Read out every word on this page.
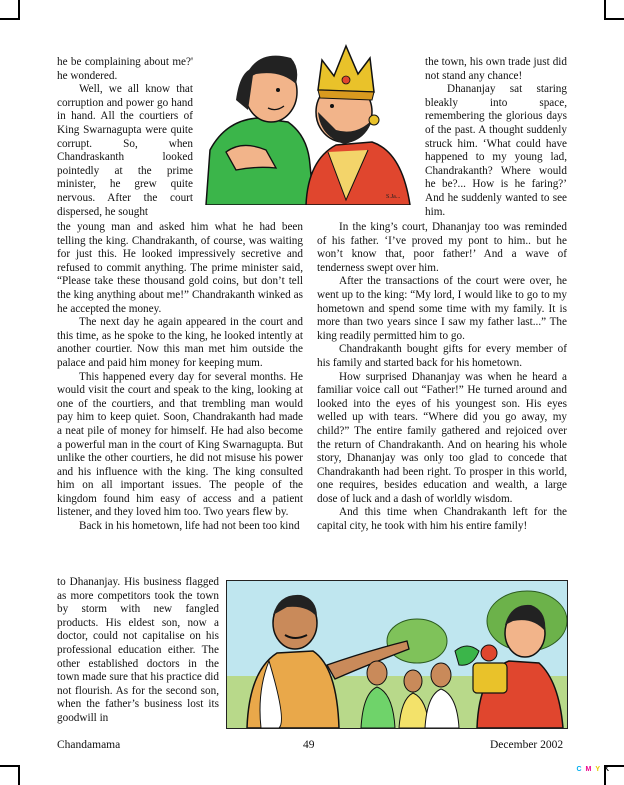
S.Ja...

he be complaining about me?' he wondered.

Well, we all know that corruption and power go hand in hand. All the courtiers of King Swarnagupta were quite corrupt. So, when Chandraskanth looked pointedly at the prime minister, he grew quite nervous. After the court dispersed, he sought

the town, his own trade just did not stand any chance!

Dhananjay sat staring bleakly into space, remembering the glorious days of the past. A thought suddenly struck him. ‘What could have happened to my young lad, Chandrakanth? Where would he be?... How is he faring?’ And he suddenly wanted to see him.

the young man and asked him what he had been telling the king. Chandrakanth, of course, was waiting for just this. He looked impressively secretive and refused to commit anything. The prime minister said, “Please take these thousand gold coins, but don’t tell the king anything about me!” Chandrakanth winked as he accepted the money.

The next day he again appeared in the court and this time, as he spoke to the king, he looked intently at another courtier. Now this man met him outside the palace and paid him money for keeping mum.

This happened every day for several months. He would visit the court and speak to the king, looking at one of the courtiers, and that trembling man would pay him to keep quiet. Soon, Chandrakanth had made a neat pile of money for himself. He had also become a powerful man in the court of King Swarnagupta. But unlike the other courtiers, he did not misuse his power and his influence with the king. The king consulted him on all important issues. The people of the kingdom found him easy of access and a patient listener, and they loved him too. Two years flew by.

Back in his hometown, life had not been too kind

to Dhananjay. His business flagged as more competitors took the town by storm with new fangled products. His eldest son, now a doctor, could not capitalise on his professional education either. The other established doctors in the town made sure that his practice did not flourish. As for the second son, when the father’s business lost its goodwill in

In the king’s court, Dhananjay too was reminded of his father. ‘I’ve proved my pont to him.. but he won’t know that, poor father!’ And a wave of tenderness swept over him.

After the transactions of the court were over, he went up to the king: “My lord, I would like to go to my hometown and spend some time with my family. It is more than two years since I saw my father last...” The king readily permitted him to go.

Chandrakanth bought gifts for every member of his family and started back for his hometown.

How surprised Dhananjay was when he heard a familiar voice call out “Father!” He turned around and looked into the eyes of his youngest son. His eyes welled up with tears. “Where did you go away, my child?” The entire family gathered and rejoiced over the return of Chandrakanth. And on hearing his whole story, Dhananjay was only too glad to concede that Chandrakanth had been right. To prosper in this world, one requires, besides education and wealth, a large dose of luck and a dash of worldly wisdom.

And this time when Chandrakanth left for the capital city, he took with him his entire family!

Chandamama	49	December 2002
C M Y K
